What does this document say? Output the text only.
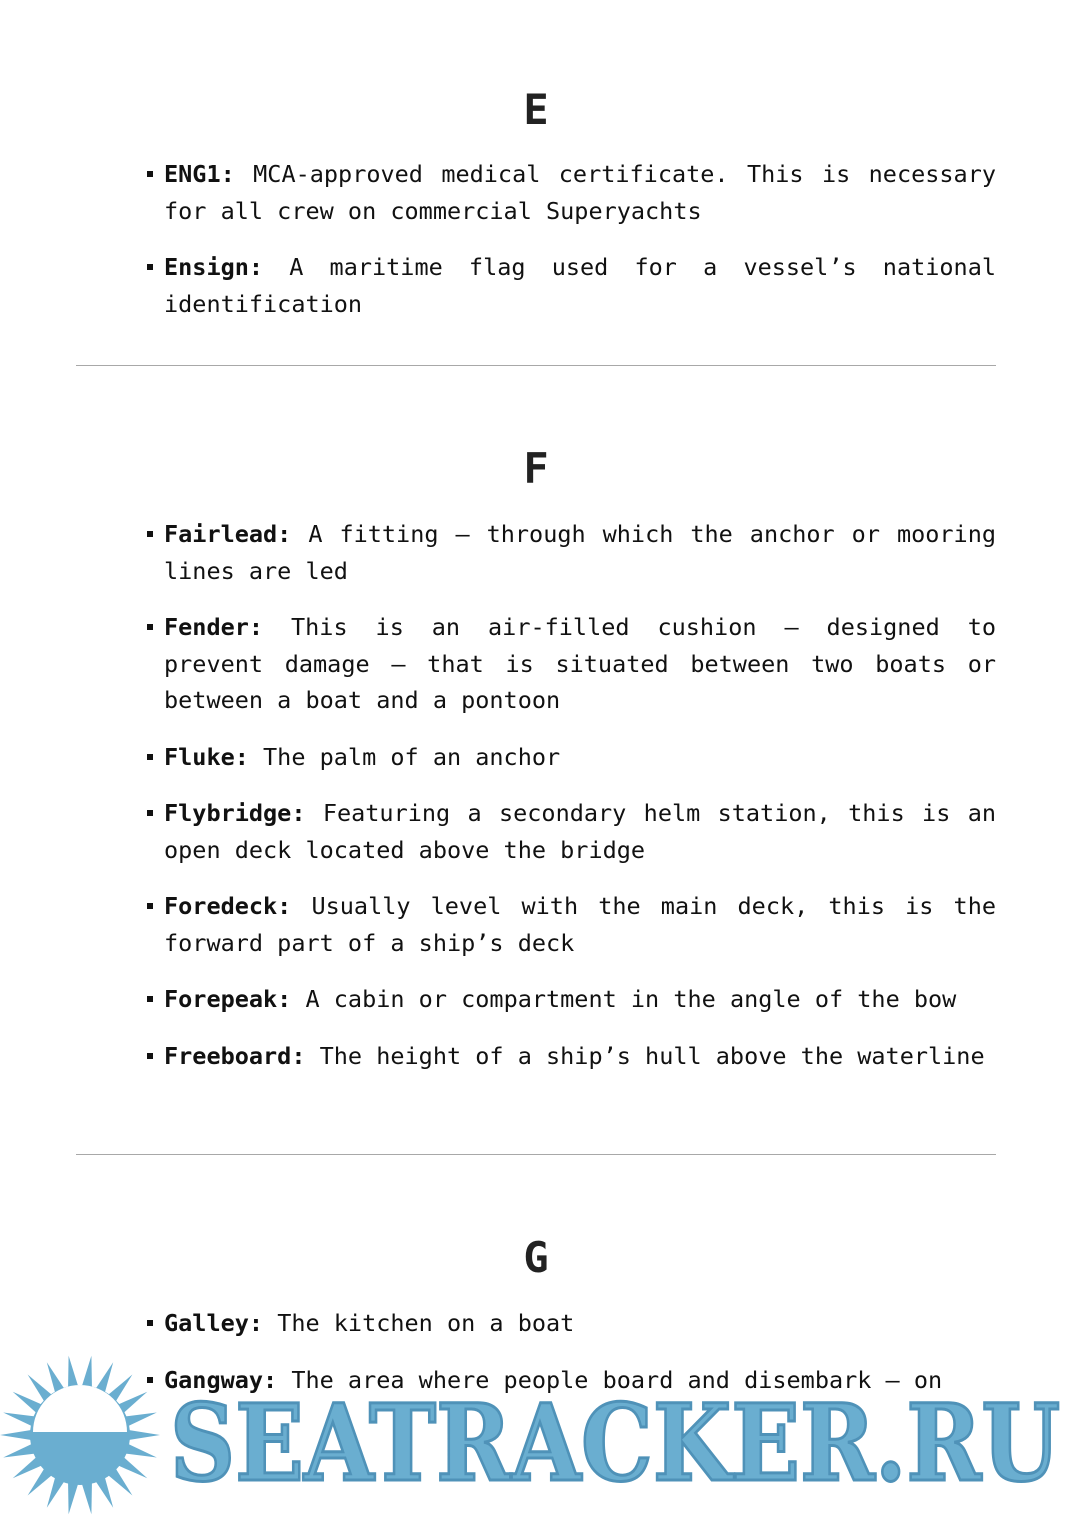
E
ENG1: MCA-approved medical certificate. This is necessary for all crew on commercial Superyachts
Ensign: A maritime flag used for a vessel’s national identification
F
Fairlead: A fitting – through which the anchor or mooring lines are led
Fender: This is an air-filled cushion – designed to prevent damage – that is situated between two boats or between a boat and a pontoon
Fluke: The palm of an anchor
Flybridge: Featuring a secondary helm station, this is an open deck located above the bridge
Foredeck: Usually level with the main deck, this is the forward part of a ship’s deck
Forepeak: A cabin or compartment in the angle of the bow
Freeboard: The height of a ship’s hull above the waterline
G
Galley: The kitchen on a boat
Gangway: The area where people board and disembark – on
SEATRACKER.RU
